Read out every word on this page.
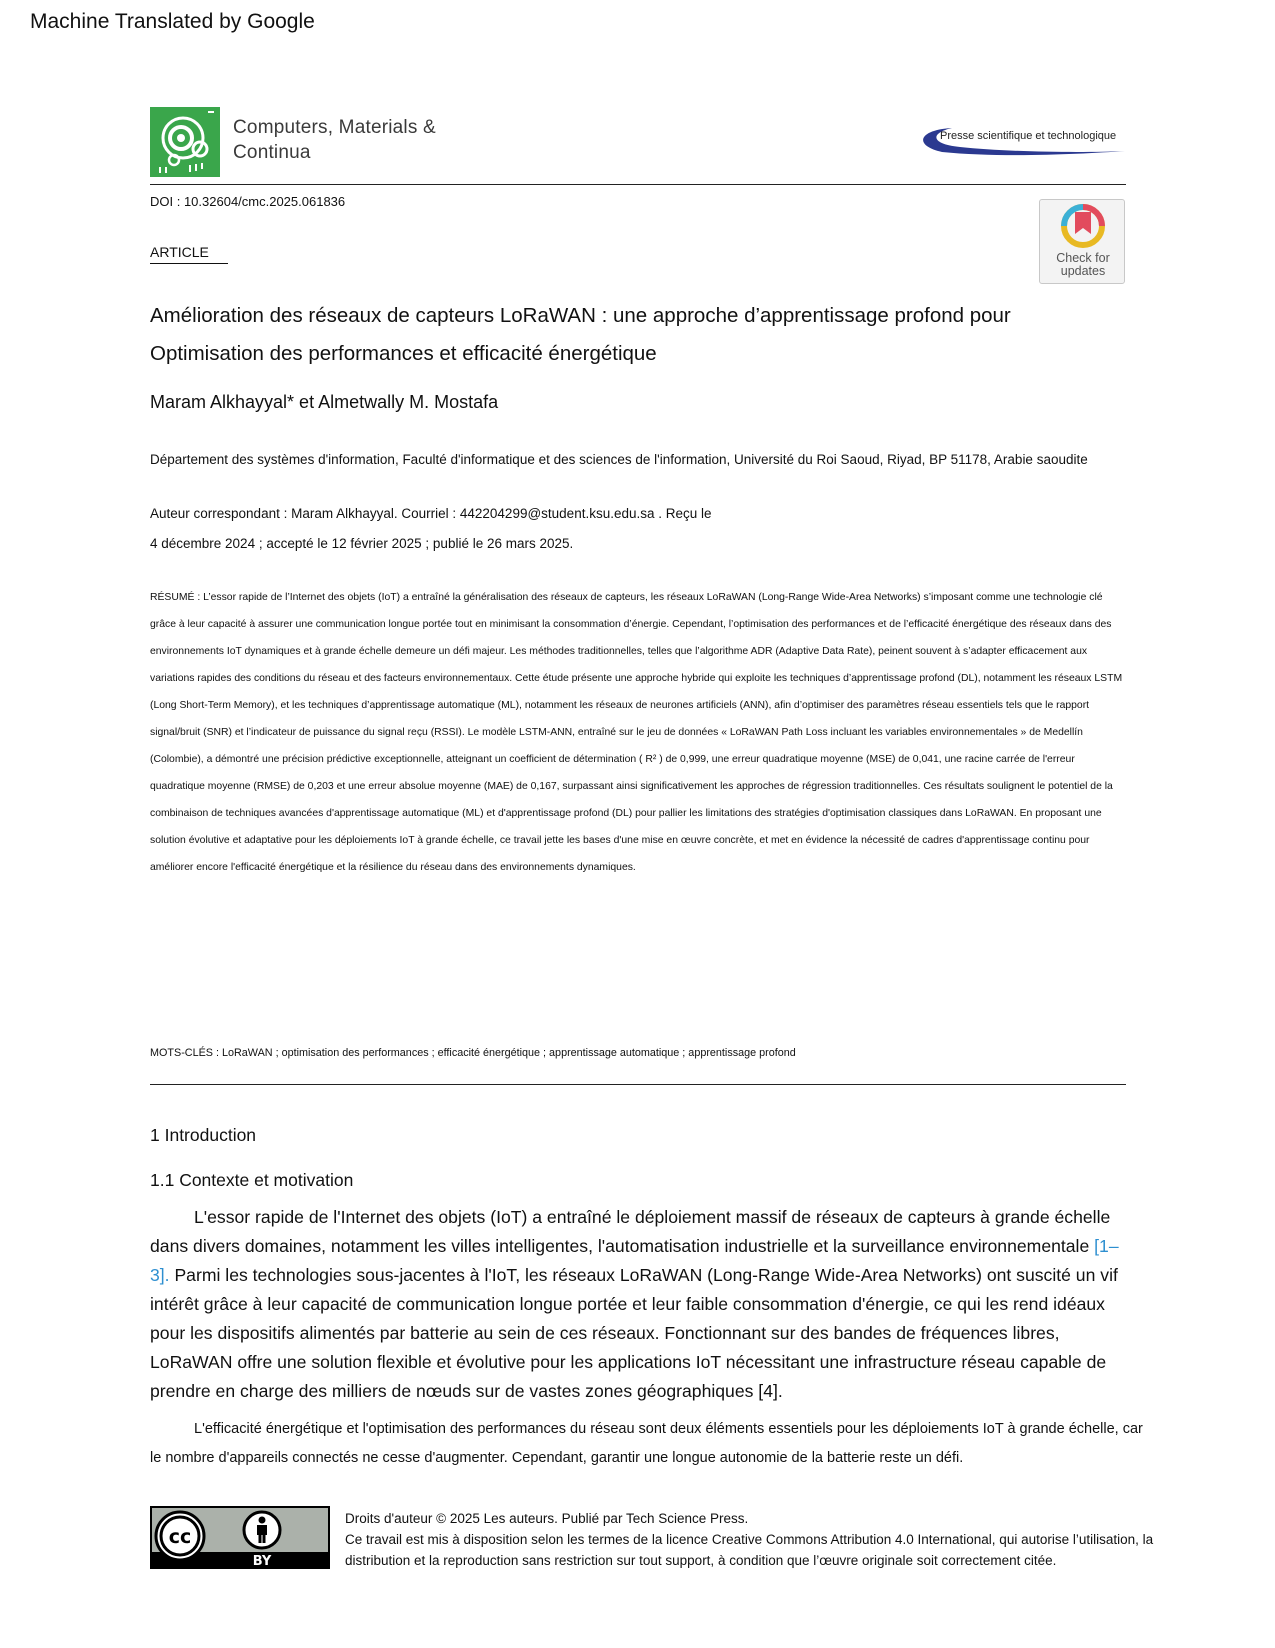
Machine Translated by Google
Computers, Materials &
Continua
Presse scientifique et technologique
DOI : 10.32604/cmc.2025.061836
Check for updates
ARTICLE
Amélioration des réseaux de capteurs LoRaWAN : une approche d’apprentissage profond pour
Optimisation des performances et efficacité énergétique
Maram Alkhayyal* et Almetwally M. Mostafa
Département des systèmes d'information, Faculté d'informatique et des sciences de l'information, Université du Roi Saoud, Riyad, BP 51178, Arabie saoudite
Auteur correspondant : Maram Alkhayyal. Courriel : 442204299@student.ksu.edu.sa . Reçu le
4 décembre 2024 ; accepté le 12 février 2025 ; publié le 26 mars 2025.
RÉSUMÉ : L’essor rapide de l’Internet des objets (IoT) a entraîné la généralisation des réseaux de capteurs, les réseaux LoRaWAN (Long-Range Wide-Area Networks) s’imposant comme une technologie clé grâce à leur capacité à assurer une communication longue portée tout en minimisant la consommation d’énergie. Cependant, l’optimisation des performances et de l’efficacité énergétique des réseaux dans des environnements IoT dynamiques et à grande échelle demeure un défi majeur. Les méthodes traditionnelles, telles que l’algorithme ADR (Adaptive Data Rate), peinent souvent à s’adapter efficacement aux variations rapides des conditions du réseau et des facteurs environnementaux. Cette étude présente une approche hybride qui exploite les techniques d’apprentissage profond (DL), notamment les réseaux LSTM (Long Short-Term Memory), et les techniques d’apprentissage automatique (ML), notamment les réseaux de neurones artificiels (ANN), afin d’optimiser des paramètres réseau essentiels tels que le rapport signal/bruit (SNR) et l’indicateur de puissance du signal reçu (RSSI). Le modèle LSTM-ANN, entraîné sur le jeu de données « LoRaWAN Path Loss incluant les variables environnementales » de Medellín (Colombie), a démontré une précision prédictive exceptionnelle, atteignant un coefficient de détermination ( R² ) de 0,999, une erreur quadratique moyenne (MSE) de 0,041, une racine carrée de l'erreur quadratique moyenne (RMSE) de 0,203 et une erreur absolue moyenne (MAE) de 0,167, surpassant ainsi significativement les approches de régression traditionnelles. Ces résultats soulignent le potentiel de la combinaison de techniques avancées d'apprentissage automatique (ML) et d'apprentissage profond (DL) pour pallier les limitations des stratégies d'optimisation classiques dans LoRaWAN. En proposant une solution évolutive et adaptative pour les déploiements IoT à grande échelle, ce travail jette les bases d'une mise en œuvre concrète, et met en évidence la nécessité de cadres d'apprentissage continu pour améliorer encore l'efficacité énergétique et la résilience du réseau dans des environnements dynamiques.
MOTS-CLÉS : LoRaWAN ; optimisation des performances ; efficacité énergétique ; apprentissage automatique ; apprentissage profond
1 Introduction
1.1 Contexte et motivation
L'essor rapide de l'Internet des objets (IoT) a entraîné le déploiement massif de réseaux de capteurs à grande échelle dans divers domaines, notamment les villes intelligentes, l'automatisation industrielle et la surveillance environnementale [1–3]. Parmi les technologies sous-jacentes à l'IoT, les réseaux LoRaWAN (Long-Range Wide-Area Networks) ont suscité un vif intérêt grâce à leur capacité de communication longue portée et leur faible consommation d'énergie, ce qui les rend idéaux pour les dispositifs alimentés par batterie au sein de ces réseaux. Fonctionnant sur des bandes de fréquences libres, LoRaWAN offre une solution flexible et évolutive pour les applications IoT nécessitant une infrastructure réseau capable de prendre en charge des milliers de nœuds sur de vastes zones géographiques [4].
L'efficacité énergétique et l'optimisation des performances du réseau sont deux éléments essentiels pour les déploiements IoT à grande échelle, car le nombre d'appareils connectés ne cesse d'augmenter. Cependant, garantir une longue autonomie de la batterie reste un défi.
cc
BY
Droits d'auteur © 2025 Les auteurs. Publié par Tech Science Press.
Ce travail est mis à disposition selon les termes de la licence Creative Commons Attribution 4.0 International, qui autorise l’utilisation, la distribution et la reproduction sans restriction sur tout support, à condition que l’œuvre originale soit correctement citée.
